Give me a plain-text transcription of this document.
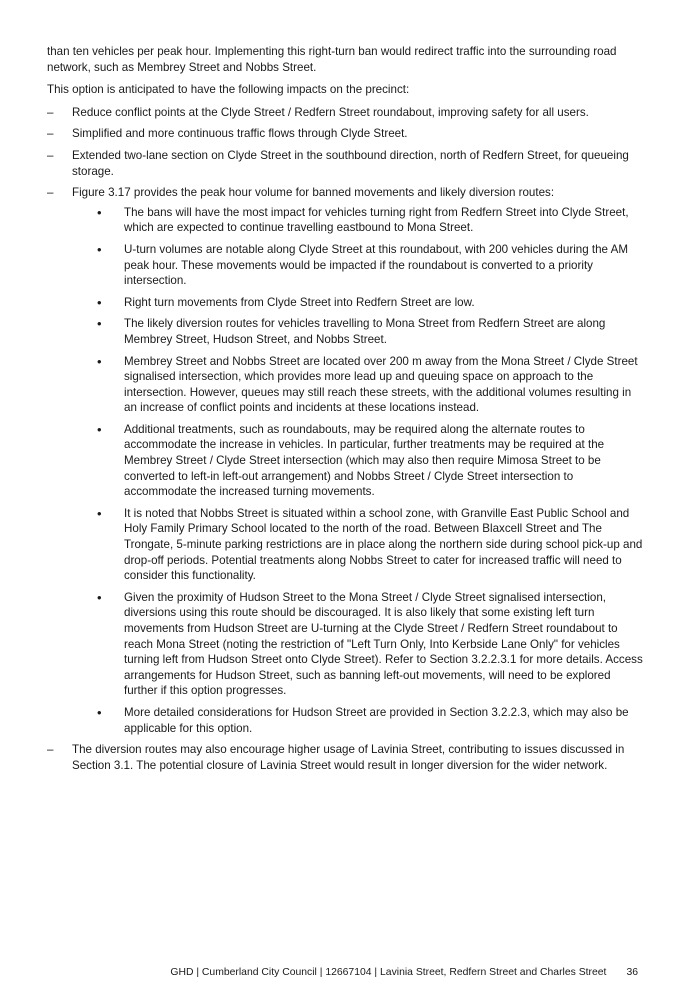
than ten vehicles per peak hour. Implementing this right-turn ban would redirect traffic into the surrounding road network, such as Membrey Street and Nobbs Street.

This option is anticipated to have the following impacts on the precinct:

–	Reduce conflict points at the Clyde Street / Redfern Street roundabout, improving safety for all users.
–	Simplified and more continuous traffic flows through Clyde Street.
–	Extended two-lane section on Clyde Street in the southbound direction, north of Redfern Street, for queueing storage.
–	Figure 3.17 provides the peak hour volume for banned movements and likely diversion routes:
•	The bans will have the most impact for vehicles turning right from Redfern Street into Clyde Street, which are expected to continue travelling eastbound to Mona Street.
•	U-turn volumes are notable along Clyde Street at this roundabout, with 200 vehicles during the AM peak hour. These movements would be impacted if the roundabout is converted to a priority intersection.
•	Right turn movements from Clyde Street into Redfern Street are low.
•	The likely diversion routes for vehicles travelling to Mona Street from Redfern Street are along Membrey Street, Hudson Street, and Nobbs Street.
•	Membrey Street and Nobbs Street are located over 200 m away from the Mona Street / Clyde Street signalised intersection, which provides more lead up and queuing space on approach to the intersection. However, queues may still reach these streets, with the additional volumes resulting in an increase of conflict points and incidents at these locations instead.
•	Additional treatments, such as roundabouts, may be required along the alternate routes to accommodate the increase in vehicles. In particular, further treatments may be required at the Membrey Street / Clyde Street intersection (which may also then require Mimosa Street to be converted to left-in left-out arrangement) and Nobbs Street / Clyde Street intersection to accommodate the increased turning movements.
•	It is noted that Nobbs Street is situated within a school zone, with Granville East Public School and Holy Family Primary School located to the north of the road. Between Blaxcell Street and The Trongate, 5-minute parking restrictions are in place along the northern side during school pick-up and drop-off periods. Potential treatments along Nobbs Street to cater for increased traffic will need to consider this functionality.
•	Given the proximity of Hudson Street to the Mona Street / Clyde Street signalised intersection, diversions using this route should be discouraged. It is also likely that some existing left turn movements from Hudson Street are U-turning at the Clyde Street / Redfern Street roundabout to reach Mona Street (noting the restriction of "Left Turn Only, Into Kerbside Lane Only" for vehicles turning left from Hudson Street onto Clyde Street). Refer to Section 3.2.2.3.1 for more details. Access arrangements for Hudson Street, such as banning left-out movements, will need to be explored further if this option progresses.
•	More detailed considerations for Hudson Street are provided in Section 3.2.2.3, which may also be applicable for this option.
–	The diversion routes may also encourage higher usage of Lavinia Street, contributing to issues discussed in Section 3.1. The potential closure of Lavinia Street would result in longer diversion for the wider network.
GHD | Cumberland City Council | 12667104 | Lavinia Street, Redfern Street and Charles Street 36
